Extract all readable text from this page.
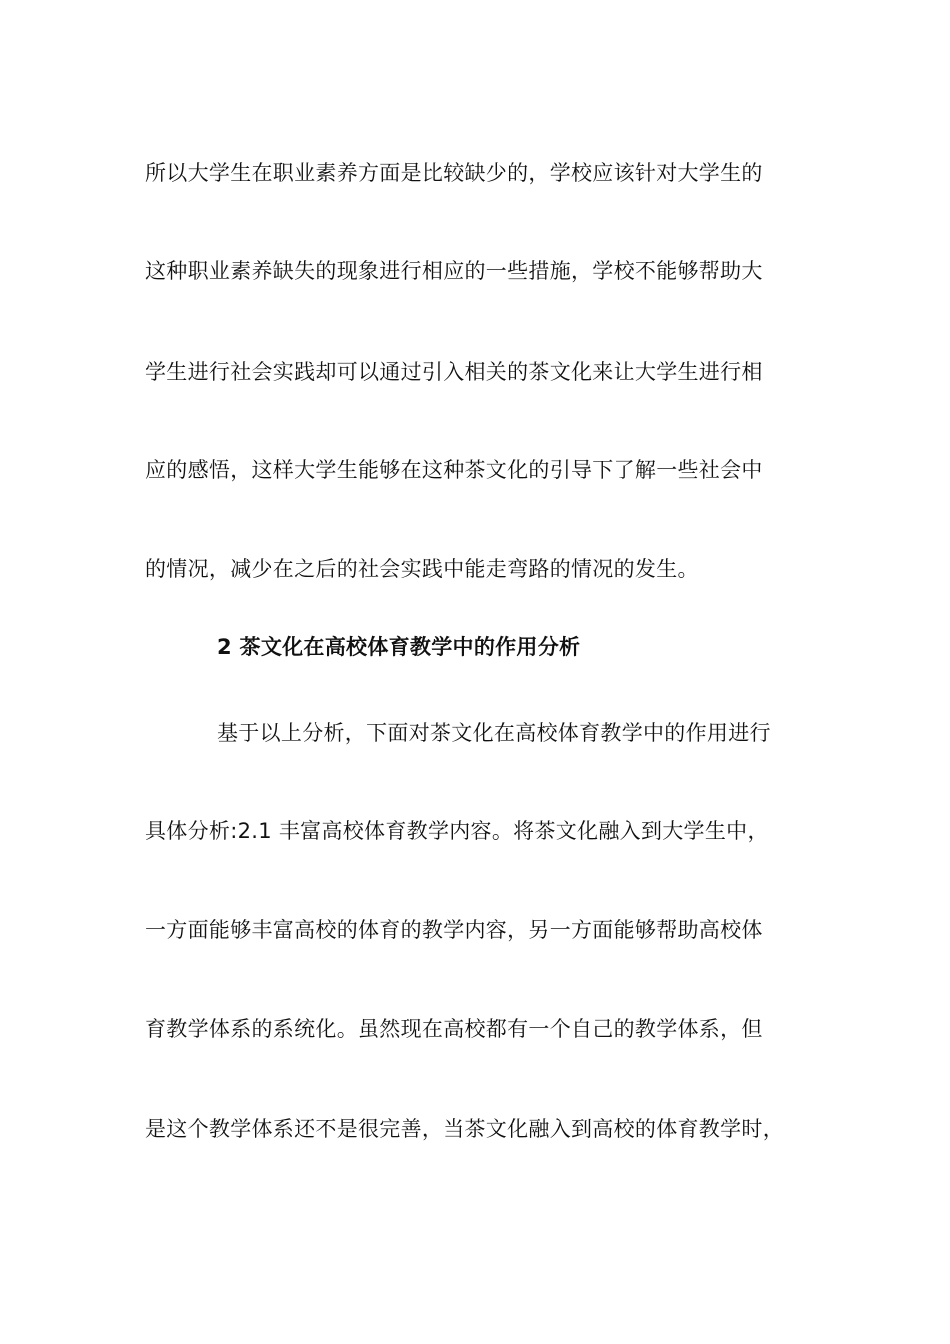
所以大学生在职业素养方面是比较缺少的，学校应该针对大学生的

这种职业素养缺失的现象进行相应的一些措施，学校不能够帮助大

学生进行社会实践却可以通过引入相关的茶文化来让大学生进行相

应的感悟，这样大学生能够在这种茶文化的引导下了解一些社会中

的情况，减少在之后的社会实践中能走弯路的情况的发生。

2 茶文化在高校体育教学中的作用分析

基于以上分析，下面对茶文化在高校体育教学中的作用进行

具体分析:2.1 丰富高校体育教学内容。将茶文化融入到大学生中，

一方面能够丰富高校的体育的教学内容，另一方面能够帮助高校体

育教学体系的系统化。虽然现在高校都有一个自己的教学体系，但

是这个教学体系还不是很完善，当茶文化融入到高校的体育教学时，
